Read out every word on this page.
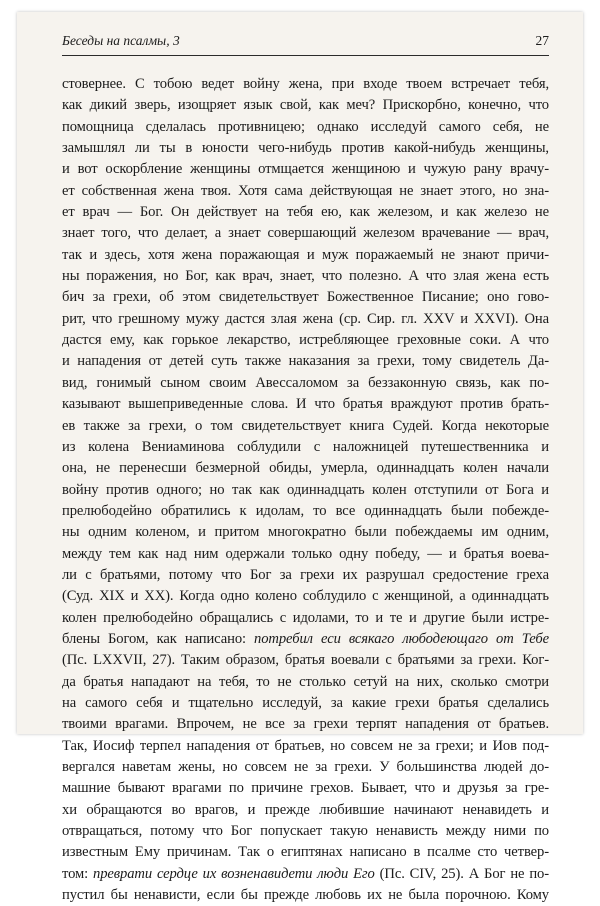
Беседы на псалмы, 3	27
стовернее. С тобою ведет войну жена, при входе твоем встречает тебя,
как дикий зверь, изощряет язык свой, как меч? Прискорбно, конечно, что
помощница сделалась противницею; однако исследуй самого себя, не
замышлял ли ты в юности чего-нибудь против какой-нибудь женщины,
и вот оскорбление женщины отмщается женщиною и чужую рану врачу-
ет собственная жена твоя. Хотя сама действующая не знает этого, но зна-
ет врач — Бог. Он действует на тебя ею, как железом, и как железо не
знает того, что делает, а знает совершающий железом врачевание — врач,
так и здесь, хотя жена поражающая и муж поражаемый не знают причи-
ны поражения, но Бог, как врач, знает, что полезно. А что злая жена есть
бич за грехи, об этом свидетельствует Божественное Писание; оно гово-
рит, что грешному мужу дастся злая жена (ср. Сир. гл. XXV и XXVI). Она
дастся ему, как горькое лекарство, истребляющее греховные соки. А что
и нападения от детей суть также наказания за грехи, тому свидетель Да-
вид, гонимый сыном своим Авессаломом за беззаконную связь, как по-
казывают вышеприведенные слова. И что братья враждуют против брать-
ев также за грехи, о том свидетельствует книга Судей. Когда некоторые
из колена Вениаминова соблудили с наложницей путешественника и
она, не перенесши безмерной обиды, умерла, одиннадцать колен начали
войну против одного; но так как одиннадцать колен отступили от Бога и
прелюбодейно обратились к идолам, то все одиннадцать были побежде-
ны одним коленом, и притом многократно были побеждаемы им одним,
между тем как над ним одержали только одну победу, — и братья воева-
ли с братьями, потому что Бог за грехи их разрушал средостение греха
(Суд. XIX и XX). Когда одно колено соблудило с женщиной, а одиннадцать
колен прелюбодейно обращались с идолами, то и те и другие были истре-
блены Богом, как написано: потребил еси всякаго любодеющаго от Тебе
(Пс. LXXVII, 27). Таким образом, братья воевали с братьями за грехи. Ког-
да братья нападают на тебя, то не столько сетуй на них, сколько смотри
на самого себя и тщательно исследуй, за какие грехи братья сделались
твоими врагами. Впрочем, не все за грехи терпят нападения от братьев.
Так, Иосиф терпел нападения от братьев, но совсем не за грехи; и Иов под-
вергался наветам жены, но совсем не за грехи. У большинства людей до-
машние бывают врагами по причине грехов. Бывает, что и друзья за гре-
хи обращаются во врагов, и прежде любившие начинают ненавидеть и
отвращаться, потому что Бог попускает такую ненависть между ними по
известным Ему причинам. Так о египтянах написано в псалме сто четвер-
том: преврати сердце их возненавидети люди Его (Пс. CIV, 25). А Бог не по-
пустил бы ненависти, если бы прежде любовь их не была порочною. Кому
